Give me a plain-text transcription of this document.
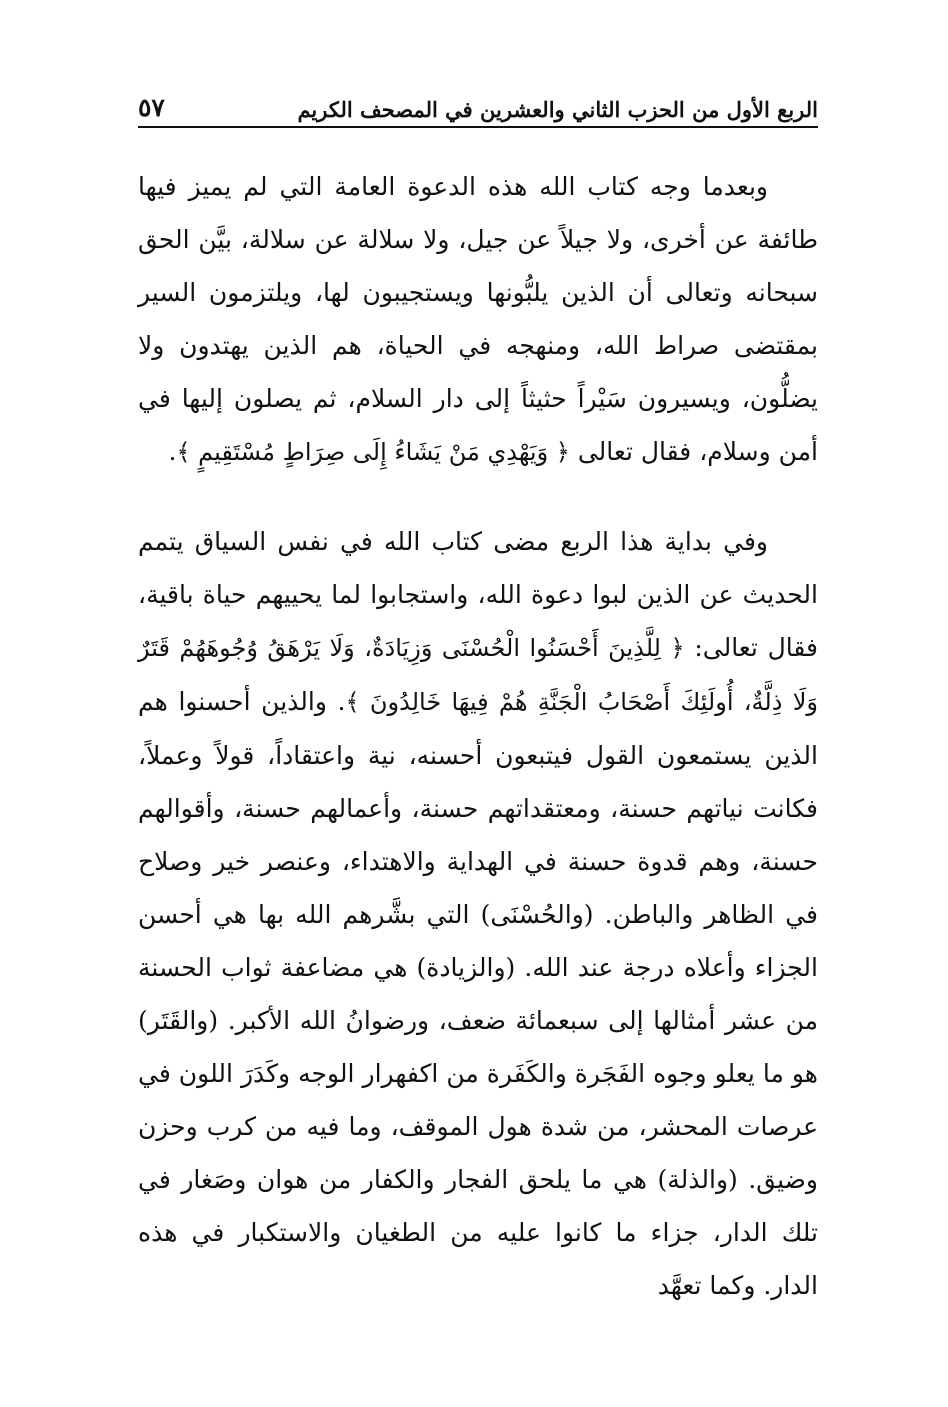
الربع الأول من الحزب الثاني والعشرين في المصحف الكريم
٥٧

وبعدما وجه كتاب الله هذه الدعوة العامة التي لم يميز فيها طائفة عن أخرى، ولا جيلاً عن جيل، ولا سلالة عن سلالة، بيَّن الحق سبحانه وتعالى أن الذين يلبُّونها ويستجيبون لها، ويلتزمون السير بمقتضى صراط الله، ومنهجه في الحياة، هم الذين يهتدون ولا يضلُّون، ويسيرون سَيْراً حثيثاً إلى دار السلام، ثم يصلون إليها في أمن وسلام، فقال تعالى ﴿ وَيَهْدِي مَنْ يَشَاءُ إِلَى صِرَاطٍ مُسْتَقِيمٍ ﴾.

وفي بداية هذا الربع مضى كتاب الله في نفس السياق يتمم الحديث عن الذين لبوا دعوة الله، واستجابوا لما يحييهم حياة باقية، فقال تعالى: ﴿ لِلَّذِينَ أَحْسَنُوا الْحُسْنَى وَزِيَادَةٌ، وَلَا يَرْهَقُ وُجُوهَهُمْ قَتَرٌ وَلَا ذِلَّةٌ، أُولَئِكَ أَصْحَابُ الْجَنَّةِ هُمْ فِيهَا خَالِدُونَ ﴾. والذين أحسنوا هم الذين يستمعون القول فيتبعون أحسنه، نية واعتقاداً، قولاً وعملاً، فكانت نياتهم حسنة، ومعتقداتهم حسنة، وأعمالهم حسنة، وأقوالهم حسنة، وهم قدوة حسنة في الهداية والاهتداء، وعنصر خير وصلاح في الظاهر والباطن. (والحُسْنَى) التي بشَّرهم الله بها هي أحسن الجزاء وأعلاه درجة عند الله. (والزيادة) هي مضاعفة ثواب الحسنة من عشر أمثالها إلى سبعمائة ضعف، ورضوانُ الله الأكبر. (والقَتَر) هو ما يعلو وجوه الفَجَرة والكَفَرة من اكفهرار الوجه وكَدَرَ اللون في عرصات المحشر، من شدة هول الموقف، وما فيه من كرب وحزن وضيق. (والذلة) هي ما يلحق الفجار والكفار من هوان وصَغار في تلك الدار، جزاء ما كانوا عليه من الطغيان والاستكبار في هذه الدار. وكما تعهَّد
